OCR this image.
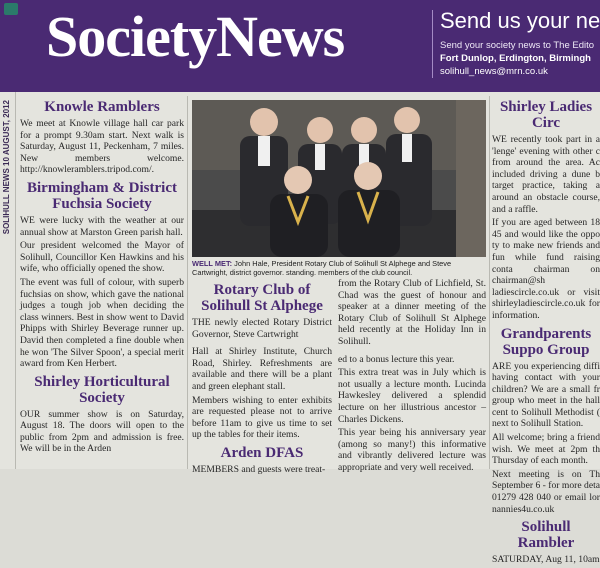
SocietyNews	Send us your ne
Send your society news to The Edito
Fort Dunlop, Erdington, Birmingh
solihull_news@mrn.co.uk
SOLIHULL NEWS 10 AUGUST, 2012	Knowle Ramblers

We meet at Knowle village hall car park for a prompt 9.30am start. Next walk is Saturday, August 11, Peckenham, 7 miles. New members welcome. http://knowleramblers.tripod.com/.

Birmingham & District Fuchsia Society

WE were lucky with the weather at our annual show at Marston Green parish hall.

Our president welcomed the Mayor of Solihull, Councillor Ken Hawkins and his wife, who officially opened the show.

The event was full of colour, with superb fuchsias on show, which gave the national judges a tough job when deciding the class winners. Best in show went to David Phipps with Shirley Beverage runner up. David then completed a fine double when he won 'The Silver Spoon', a special merit award from Ken Herbert.

Shirley Horticultural Society

OUR summer show is on Saturday, August 18. The doors will open to the public from 2pm and admission is free. We will be in the Arden

WELL MET: John Hale, President Rotary Club of Solihull St Alphege and Steve Cartwright, district governor. standing. members of the club council.
Rotary Club of Solihull St Alphege

THE newly elected Rotary District Governor, Steve Cartwright

Hall at Shirley Institute, Church Road, Shirley. Refreshments are available and there will be a plant and green elephant stall.

Members wishing to enter exhibits are requested please not to arrive before 11am to give us time to set up the tables for their items.

Arden DFAS

MEMBERS and guests were treat-

from the Rotary Club of Lichfield, St. Chad was the guest of honour and speaker at a dinner meeting of the Rotary Club of Solihull St Alphege held recently at the Holiday Inn in Solihull.

ed to a bonus lecture this year.

This extra treat was in July which is not usually a lecture month. Lucinda Hawkesley delivered a splendid lecture on her illustrious ancestor – Charles Dickens.

This year being his anniversary year (among so many!) this informative and vibrantly delivered lecture was appropriate and very well received.

Shirley Ladies Circ

WE recently took part in a 'lenge' evening with other c from around the area. Ac included driving a dune b target practice, taking a around an obstacle course, and a raffle.

If you are aged between 18 45 and would like the oppo ty to make new friends and fun while fund raising conta chairman on chairman@sh ladiescircle.co.uk or visit shirleyladiescircle.co.uk for information.

Grandparents Suppo Group

ARE you experiencing diffi having contact with your children? We are a small fr group who meet in the hall cent to Solihull Methodist ( next to Solihull Station.

All welcome; bring a friend wish. We meet at 2pm th Thursday of each month.

Next meeting is on Th September 6 - for more deta 01279 428 040 or email lor nannies4u.co.uk

Solihull Rambler

SATURDAY, Aug 11, 10am
